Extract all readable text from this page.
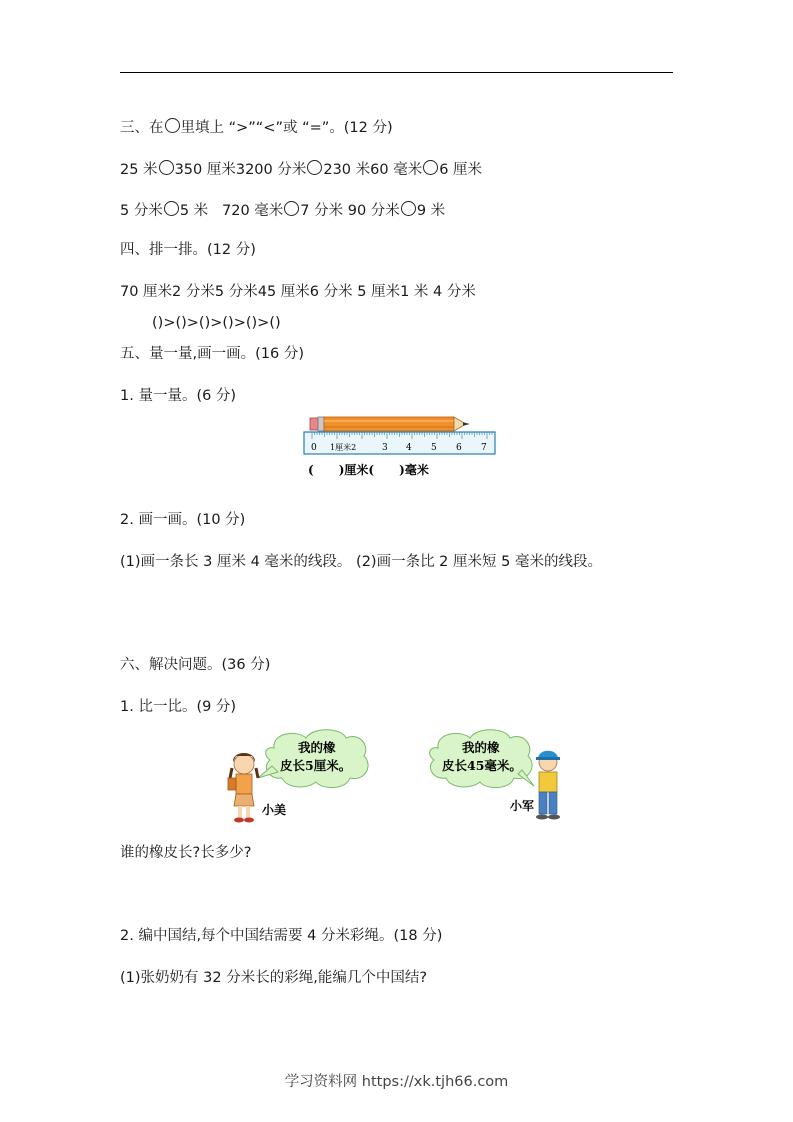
三、在 里填上 “>”“<”或 “=”。(12 分)
25 米 350 厘米3200 分米 230 米60 毫米 6 厘米
5 分米 5 米   720 毫米 7 分米 90 分米 9 米
四、排一排。(12 分)
70 厘米2 分米5 分米45 厘米6 分米 5 厘米1 米 4 分米
()>()>()>()>()>()
五、量一量,画一画。(16 分)
1. 量一量。(6 分)
0 1厘米2	3 4 5 6 7
(      )厘米(      )毫米
2. 画一画。(10 分)
(1)画一条长 3 厘米 4 毫米的线段。 (2)画一条比 2 厘米短 5 毫米的线段。
六、解决问题。(36 分)
1. 比一比。(9 分)
我的橡
皮长5厘米。
小美
我的橡
皮长45毫米。
小军
谁的橡皮长?长多少?
2. 编中国结,每个中国结需要 4 分米彩绳。(18 分)
(1)张奶奶有 32 分米长的彩绳,能编几个中国结?
学习资料网 https://xk.tjh66.com
